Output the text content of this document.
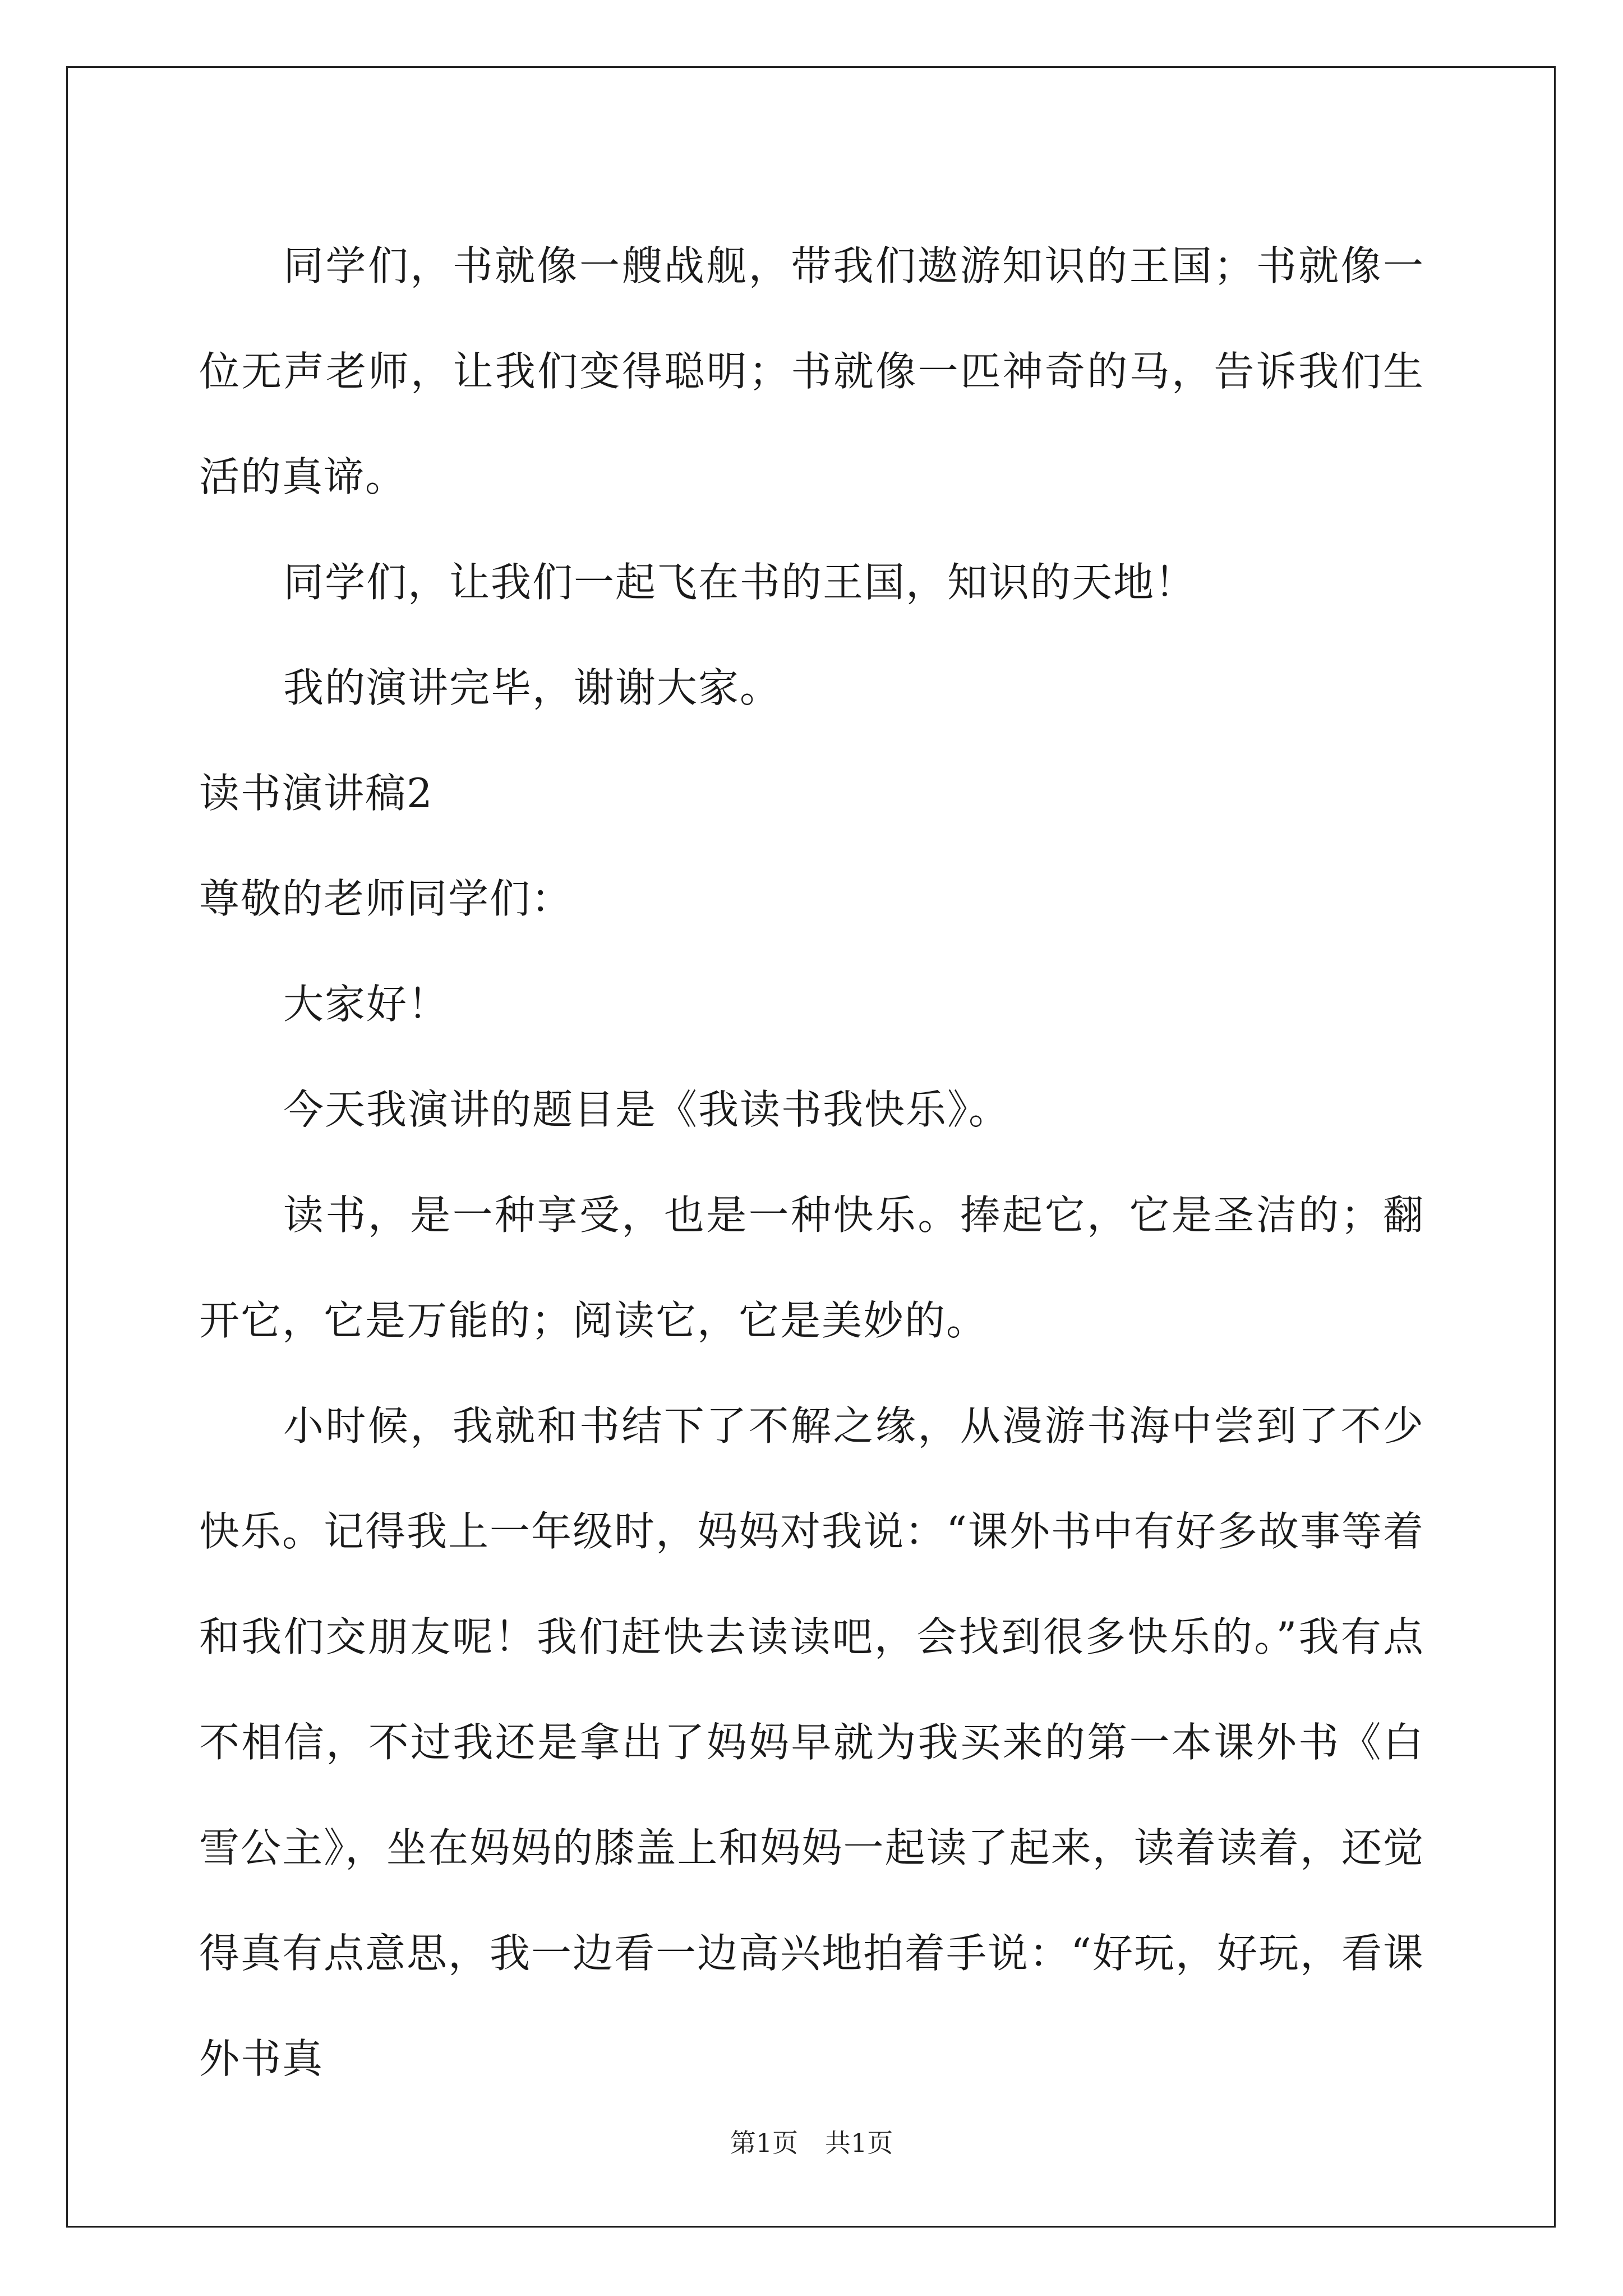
同学们，书就像一艘战舰，带我们遨游知识的王国；书就像一位无声老师，让我们变得聪明；书就像一匹神奇的马，告诉我们生活的真谛。

同学们，让我们一起飞在书的王国，知识的天地！

我的演讲完毕，谢谢大家。

读书演讲稿2

尊敬的老师同学们：

大家好！

今天我演讲的题目是《我读书我快乐》。

读书，是一种享受，也是一种快乐。捧起它，它是圣洁的；翻开它，它是万能的；阅读它，它是美妙的。

小时候，我就和书结下了不解之缘，从漫游书海中尝到了不少快乐。记得我上一年级时，妈妈对我说：“课外书中有好多故事等着和我们交朋友呢！我们赶快去读读吧，会找到很多快乐的。”我有点不相信，不过我还是拿出了妈妈早就为我买来的第一本课外书《白雪公主》，坐在妈妈的膝盖上和妈妈一起读了起来，读着读着，还觉得真有点意思，我一边看一边高兴地拍着手说：“好玩，好玩，看课外书真

第1页 共1页
